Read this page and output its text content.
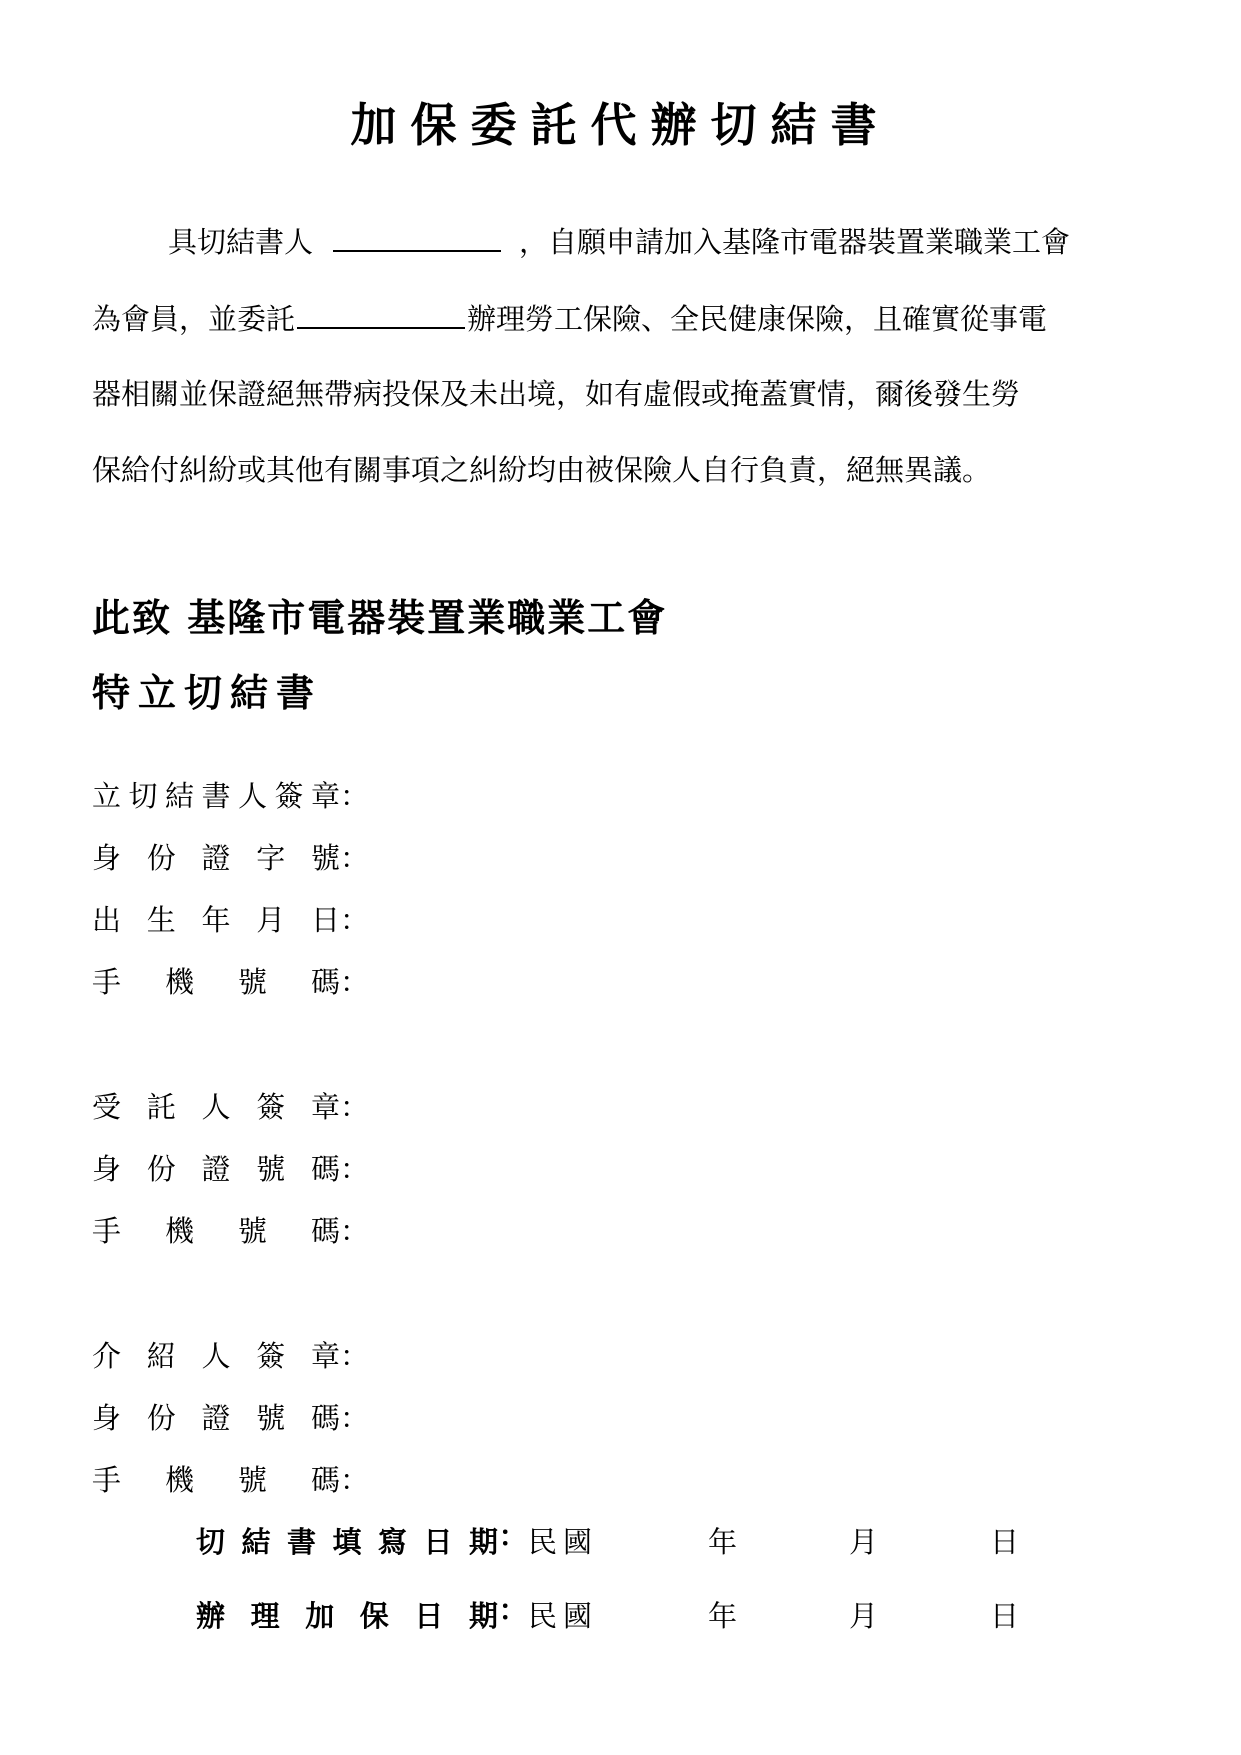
加保委託代辦切結書
具切結書人	，自願申請加入基隆市電器裝置業職業工會
為會員，並委託	辦理勞工保險、全民健康保險，且確實從事電
器相關並保證絕無帶病投保及未出境，如有虛假或掩蓋實情，爾後發生勞
保給付糾紛或其他有關事項之糾紛均由被保險人自行負責，絕無異議。
此致 基隆市電器裝置業職業工會
特立切結書
立切結書人簽章：
身份證字號：
出生年月日：
手機號碼：
受託人簽章：
身份證號碼：
手機號碼：
介紹人簽章：
身份證號碼：
手機號碼：
切結書填寫日期：民國	年	月	日
辦理加保日期：民國	年	月	日
